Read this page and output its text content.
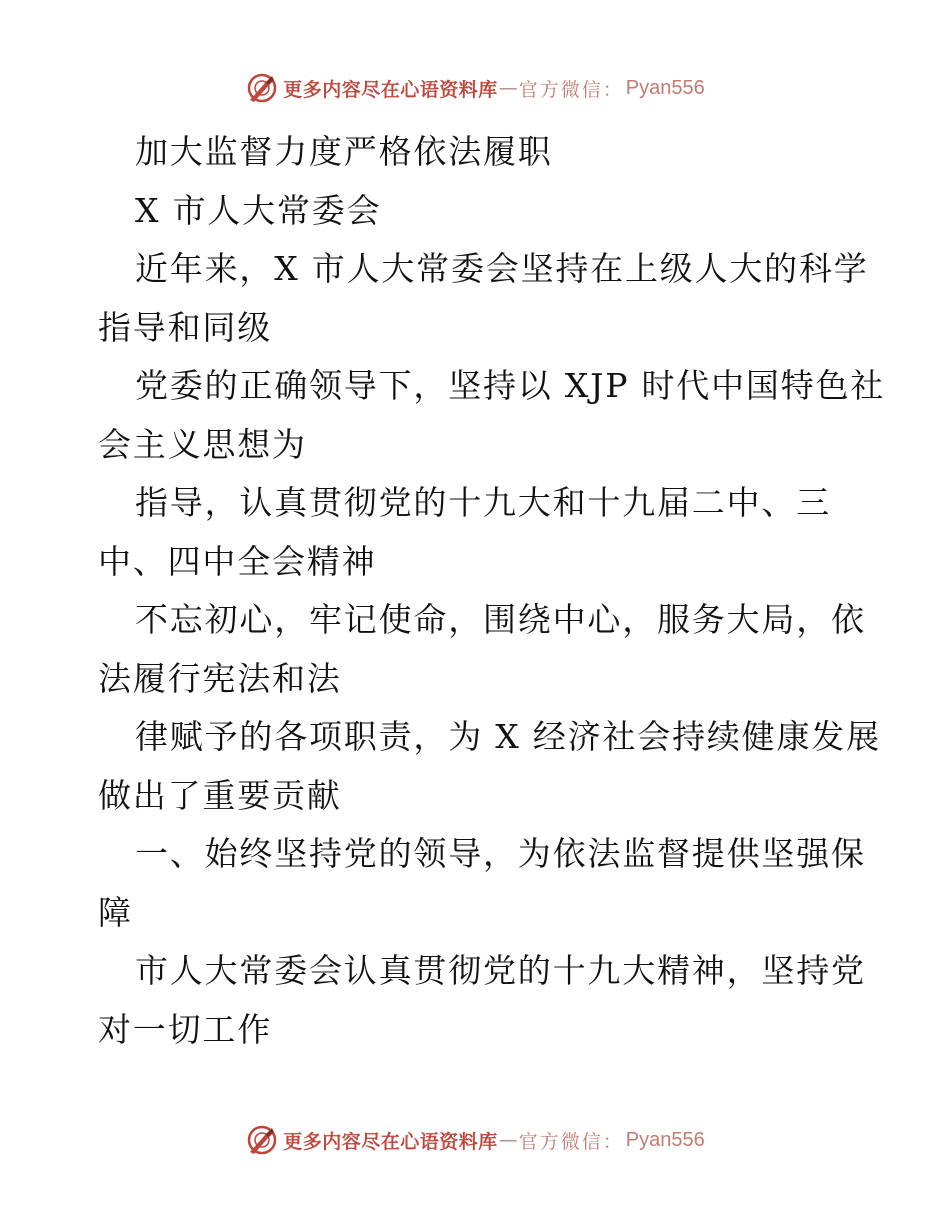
更多内容尽在心语资料库 — 官方微信： Pyan556
加大监督力度严格依法履职
X 市人大常委会
近年来，X 市人大常委会坚持在上级人大的科学
指导和同级
党委的正确领导下，坚持以 XJP 时代中国特色社
会主义思想为
指导，认真贯彻党的十九大和十九届二中、三
中、四中全会精神
不忘初心，牢记使命，围绕中心，服务大局，依
法履行宪法和法
律赋予的各项职责，为 X 经济社会持续健康发展
做出了重要贡献
一、始终坚持党的领导，为依法监督提供坚强保
障
市人大常委会认真贯彻党的十九大精神，坚持党
对一切工作
更多内容尽在心语资料库 — 官方微信： Pyan556
